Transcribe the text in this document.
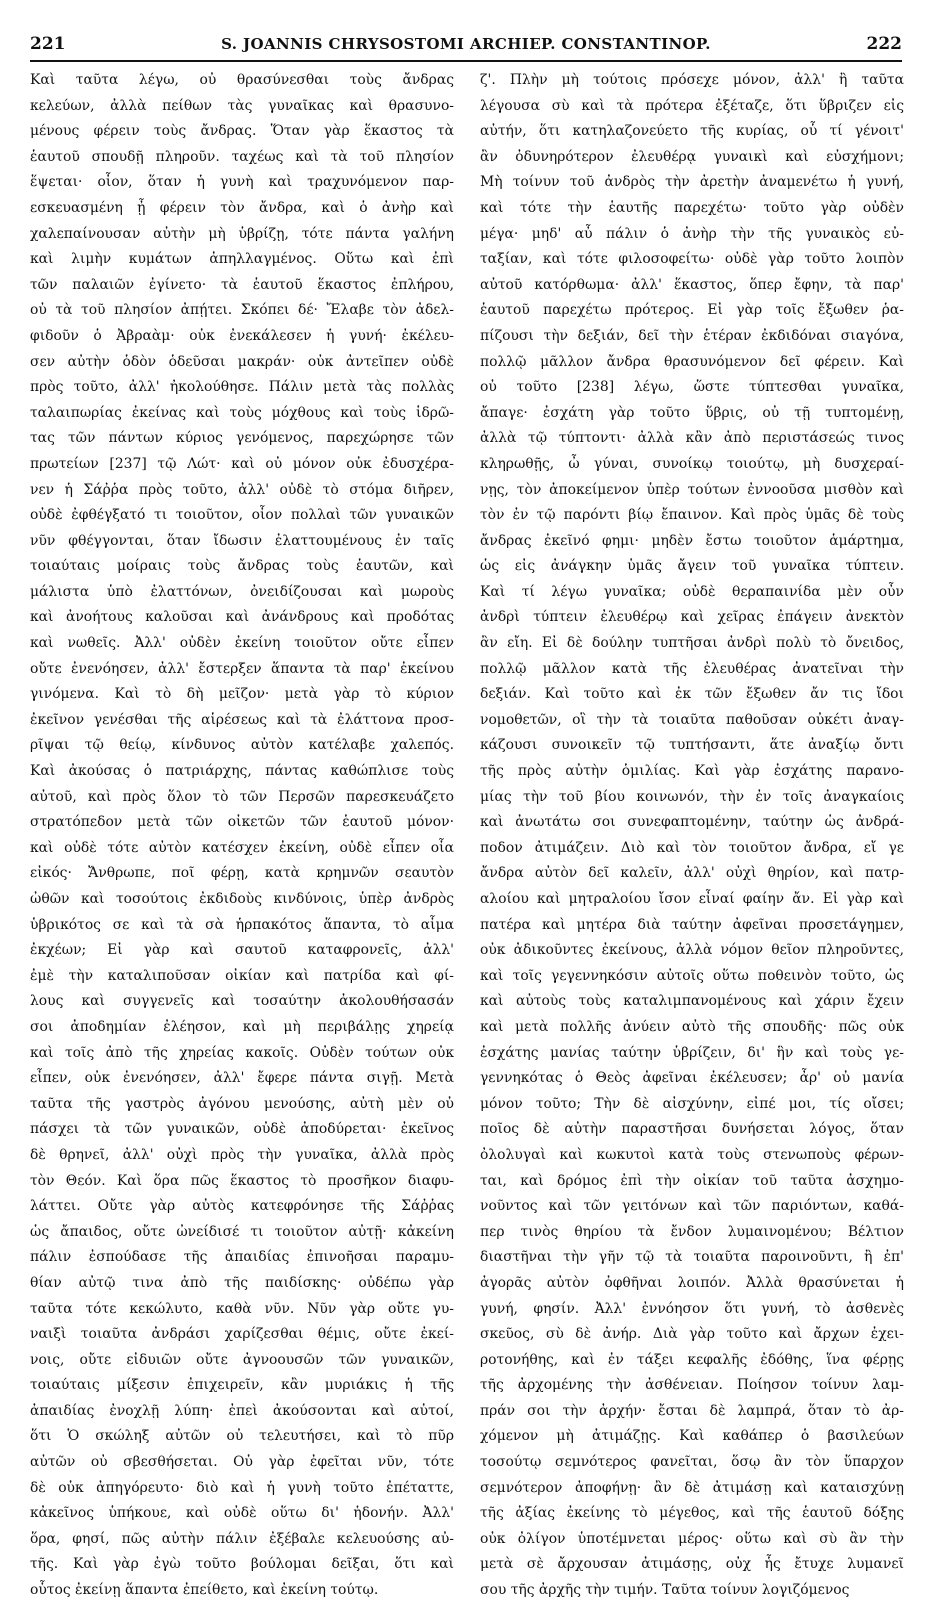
221	S. JOANNIS CHRYSOSTOMI ARCHIEP. CONSTANTINOP.	222
Καὶ ταῦτα λέγω, οὐ θρασύνεσθαι τοὺς ἄνδρας
κελεύων, ἀλλὰ πείθων τὰς γυναῖκας καὶ θρασυνο-
μένους φέρειν τοὺς ἄνδρας. Ὅταν γὰρ ἕκαστος τὰ
ἑαυτοῦ σπουδῇ πληροῦν. ταχέως καὶ τὰ τοῦ πλησίον
ἕψεται· οἷον, ὅταν ἡ γυνὴ καὶ τραχυνόμενον παρ-
εσκευασμένη ᾖ φέρειν τὸν ἄνδρα, καὶ ὁ ἀνὴρ καὶ
χαλεπαίνουσαν αὐτὴν μὴ ὑβρίζῃ, τότε πάντα γαλήνη
καὶ λιμὴν κυμάτων ἀπηλλαγμένος. Οὕτω καὶ ἐπὶ
τῶν παλαιῶν ἐγίνετο· τὰ ἑαυτοῦ ἕκαστος ἐπλήρου,
οὐ τὰ τοῦ πλησίον ἀπῄτει. Σκόπει δέ· Ἔλαβε τὸν ἀδελ-
φιδοῦν ὁ Ἀβραὰμ· οὐκ ἐνεκάλεσεν ἡ γυνή· ἐκέλευ-
σεν αὐτὴν ὁδὸν ὁδεῦσαι μακράν· οὐκ ἀντεῖπεν οὐδὲ
πρὸς τοῦτο, ἀλλ' ἠκολούθησε. Πάλιν μετὰ τὰς πολλὰς
ταλαιπωρίας ἐκείνας καὶ τοὺς μόχθους καὶ τοὺς ἱδρῶ-
τας τῶν πάντων κύριος γενόμενος, παρεχώρησε τῶν
πρωτείων [237] τῷ Λώτ· καὶ οὐ μόνον οὐκ ἐδυσχέρα-
νεν ἡ Σάῤῥα πρὸς τοῦτο, ἀλλ' οὐδὲ τὸ στόμα διῆρεν,
οὐδὲ ἐφθέγξατό τι τοιοῦτον, οἷον πολλαὶ τῶν γυναικῶν
νῦν φθέγγονται, ὅταν ἴδωσιν ἐλαττουμένους ἐν ταῖς
τοιαύταις μοίραις τοὺς ἄνδρας τοὺς ἑαυτῶν, καὶ
μάλιστα ὑπὸ ἐλαττόνων, ὀνειδίζουσαι καὶ μωροὺς
καὶ ἀνοήτους καλοῦσαι καὶ ἀνάνδρους καὶ προδότας
καὶ νωθεῖς. Ἀλλ' οὐδὲν ἐκείνη τοιοῦτον οὔτε εἶπεν
οὔτε ἐνενόησεν, ἀλλ' ἔστερξεν ἅπαντα τὰ παρ' ἐκείνου
γινόμενα. Καὶ τὸ δὴ μεῖζον· μετὰ γὰρ τὸ κύριον
ἐκεῖνον γενέσθαι τῆς αἱρέσεως καὶ τὰ ἐλάττονα προσ-
ρῖψαι τῷ θείῳ, κίνδυνος αὐτὸν κατέλαβε χαλεπός.
Καὶ ἀκούσας ὁ πατριάρχης, πάντας καθώπλισε τοὺς
αὐτοῦ, καὶ πρὸς ὅλον τὸ τῶν Περσῶν παρεσκευάζετο
στρατόπεδον μετὰ τῶν οἰκετῶν τῶν ἑαυτοῦ μόνον·
καὶ οὐδὲ τότε αὐτὸν κατέσχεν ἐκείνη, οὐδὲ εἶπεν οἷα
εἰκός· Ἄνθρωπε, ποῖ φέρῃ, κατὰ κρημνῶν σεαυτὸν
ὠθῶν καὶ τοσούτοις ἐκδιδοὺς κινδύνοις, ὑπὲρ ἀνδρὸς
ὑβρικότος σε καὶ τὰ σὰ ἡρπακότος ἅπαντα, τὸ αἷμα
ἐκχέων; Εἰ γὰρ καὶ σαυτοῦ καταφρονεῖς, ἀλλ'
ἐμὲ τὴν καταλιποῦσαν οἰκίαν καὶ πατρίδα καὶ φί-
λους καὶ συγγενεῖς καὶ τοσαύτην ἀκολουθήσασάν
σοι ἀποδημίαν ἐλέησον, καὶ μὴ περιβάλῃς χηρείᾳ
καὶ τοῖς ἀπὸ τῆς χηρείας κακοῖς. Οὐδὲν τούτων οὐκ
εἶπεν, οὐκ ἐνενόησεν, ἀλλ' ἔφερε πάντα σιγῇ. Μετὰ
ταῦτα τῆς γαστρὸς ἀγόνου μενούσης, αὐτὴ μὲν οὐ
πάσχει τὰ τῶν γυναικῶν, οὐδὲ ἀποδύρεται· ἐκεῖνος
δὲ θρηνεῖ, ἀλλ' οὐχὶ πρὸς τὴν γυναῖκα, ἀλλὰ πρὸς
τὸν Θεόν. Καὶ ὅρα πῶς ἕκαστος τὸ προσῆκον διαφυ-
λάττει. Οὔτε γὰρ αὐτὸς κατεφρόνησε τῆς Σάῤῥας
ὡς ἄπαιδος, οὔτε ὠνείδισέ τι τοιοῦτον αὐτῇ· κἀκείνη
πάλιν ἐσπούδασε τῆς ἀπαιδίας ἐπινοῆσαι παραμυ-
θίαν αὐτῷ τινα ἀπὸ τῆς παιδίσκης· οὐδέπω γὰρ
ταῦτα τότε κεκώλυτο, καθὰ νῦν. Νῦν γὰρ οὔτε γυ-
ναιξὶ τοιαῦτα ἀνδράσι χαρίζεσθαι θέμις, οὔτε ἐκεί-
νοις, οὔτε εἰδυιῶν οὔτε ἀγνοουσῶν τῶν γυναικῶν,
τοιαύταις μίξεσιν ἐπιχειρεῖν, κἂν μυριάκις ἡ τῆς
ἀπαιδίας ἐνοχλῇ λύπη· ἐπεὶ ἀκούσονται καὶ αὐτοί,
ὅτι Ὁ σκώληξ αὐτῶν οὐ τελευτήσει, καὶ τὸ πῦρ
αὐτῶν οὐ σβεσθήσεται. Οὐ γὰρ ἐφεῖται νῦν, τότε
δὲ οὐκ ἀπηγόρευτο· διὸ καὶ ἡ γυνὴ τοῦτο ἐπέταττε,
κἀκεῖνος ὑπήκουε, καὶ οὐδὲ οὕτω δι' ἡδονήν. Ἀλλ'
ὅρα, φησί, πῶς αὐτὴν πάλιν ἐξέβαλε κελευούσης αὐ-
τῆς. Καὶ γὰρ ἐγὼ τοῦτο βούλομαι δεῖξαι, ὅτι καὶ
οὗτος ἐκείνῃ ἅπαντα ἐπείθετο, καὶ ἐκείνη τούτῳ.
ζ'. Πλὴν μὴ τούτοις πρόσεχε μόνον, ἀλλ' ἢ ταῦτα
λέγουσα σὺ καὶ τὰ πρότερα ἐξέταζε, ὅτι ὕβριζεν εἰς
αὐτήν, ὅτι κατηλαζονεύετο τῆς κυρίας, οὗ τί γένοιτ'
ἂν ὀδυνηρότερον ἐλευθέρᾳ γυναικὶ καὶ εὐσχήμονι;
Μὴ τοίνυν τοῦ ἀνδρὸς τὴν ἀρετὴν ἀναμενέτω ἡ γυνή,
καὶ τότε τὴν ἑαυτῆς παρεχέτω· τοῦτο γὰρ οὐδὲν
μέγα· μηδ' αὖ πάλιν ὁ ἀνὴρ τὴν τῆς γυναικὸς εὐ-
ταξίαν, καὶ τότε φιλοσοφείτω· οὐδὲ γὰρ τοῦτο λοιπὸν
αὐτοῦ κατόρθωμα· ἀλλ' ἕκαστος, ὅπερ ἔφην, τὰ παρ'
ἑαυτοῦ παρεχέτω πρότερος. Εἰ γὰρ τοῖς ἔξωθεν ῥα-
πίζουσι τὴν δεξιάν, δεῖ τὴν ἑτέραν ἐκδιδόναι σιαγόνα,
πολλῷ μᾶλλον ἄνδρα θρασυνόμενον δεῖ φέρειν. Καὶ
οὐ τοῦτο [238] λέγω, ὥστε τύπτεσθαι γυναῖκα,
ἄπαγε· ἐσχάτη γὰρ τοῦτο ὕβρις, οὐ τῇ τυπτομένῃ,
ἀλλὰ τῷ τύπτοντι· ἀλλὰ κἂν ἀπὸ περιστάσεώς τινος
κληρωθῇς, ὦ γύναι, συνοίκῳ τοιούτῳ, μὴ δυσχεραί-
νῃς, τὸν ἀποκείμενον ὑπὲρ τούτων ἐννοοῦσα μισθὸν καὶ
τὸν ἐν τῷ παρόντι βίῳ ἔπαινον. Καὶ πρὸς ὑμᾶς δὲ τοὺς
ἄνδρας ἐκεῖνό φημι· μηδὲν ἔστω τοιοῦτον ἁμάρτημα,
ὡς εἰς ἀνάγκην ὑμᾶς ἄγειν τοῦ γυναῖκα τύπτειν.
Καὶ τί λέγω γυναῖκα; οὐδὲ θεραπαινίδα μὲν οὖν
ἀνδρὶ τύπτειν ἐλευθέρῳ καὶ χεῖρας ἐπάγειν ἀνεκτὸν
ἂν εἴη. Εἰ δὲ δούλην τυπτῆσαι ἀνδρὶ πολὺ τὸ ὄνειδος,
πολλῷ μᾶλλον κατὰ τῆς ἐλευθέρας ἀνατεῖναι τὴν
δεξιάν. Καὶ τοῦτο καὶ ἐκ τῶν ἔξωθεν ἄν τις ἴδοι
νομοθετῶν, οἳ τὴν τὰ τοιαῦτα παθοῦσαν οὐκέτι ἀναγ-
κάζουσι συνοικεῖν τῷ τυπτήσαντι, ἅτε ἀναξίῳ ὄντι
τῆς πρὸς αὐτὴν ὁμιλίας. Καὶ γὰρ ἐσχάτης παρανο-
μίας τὴν τοῦ βίου κοινωνόν, τὴν ἐν τοῖς ἀναγκαίοις
καὶ ἀνωτάτω σοι συνεφαπτομένην, ταύτην ὡς ἀνδρά-
ποδον ἀτιμάζειν. Διὸ καὶ τὸν τοιοῦτον ἄνδρα, εἴ γε
ἄνδρα αὐτὸν δεῖ καλεῖν, ἀλλ' οὐχὶ θηρίον, καὶ πατρ-
αλοίου καὶ μητραλοίου ἴσον εἶναί φαίην ἄν. Εἰ γὰρ καὶ
πατέρα καὶ μητέρα διὰ ταύτην ἀφεῖναι προσετάγημεν,
οὐκ ἀδικοῦντες ἐκείνους, ἀλλὰ νόμον θεῖον πληροῦντες,
καὶ τοῖς γεγεννηκόσιν αὐτοῖς οὕτω ποθεινὸν τοῦτο, ὡς
καὶ αὐτοὺς τοὺς καταλιμπανομένους καὶ χάριν ἔχειν
καὶ μετὰ πολλῆς ἀνύειν αὐτὸ τῆς σπουδῆς· πῶς οὐκ
ἐσχάτης μανίας ταύτην ὑβρίζειν, δι' ἣν καὶ τοὺς γε-
γεννηκότας ὁ Θεὸς ἀφεῖναι ἐκέλευσεν; ἆρ' οὐ μανία
μόνον τοῦτο; Τὴν δὲ αἰσχύνην, εἰπέ μοι, τίς οἴσει;
ποῖος δὲ αὐτὴν παραστῆσαι δυνήσεται λόγος, ὅταν
ὀλολυγαὶ καὶ κωκυτοὶ κατὰ τοὺς στενωποὺς φέρων-
ται, καὶ δρόμος ἐπὶ τὴν οἰκίαν τοῦ ταῦτα ἀσχημο-
νοῦντος καὶ τῶν γειτόνων καὶ τῶν παριόντων, καθά-
περ τινὸς θηρίου τὰ ἔνδον λυμαινομένου; Βέλτιον
διαστῆναι τὴν γῆν τῷ τὰ τοιαῦτα παροινοῦντι, ἢ ἐπ'
ἀγορᾶς αὐτὸν ὀφθῆναι λοιπόν. Ἀλλὰ θρασύνεται ἡ
γυνή, φησίν. Ἀλλ' ἐννόησον ὅτι γυνή, τὸ ἀσθενὲς
σκεῦος, σὺ δὲ ἀνήρ. Διὰ γὰρ τοῦτο καὶ ἄρχων ἐχει-
ροτονήθης, καὶ ἐν τάξει κεφαλῆς ἐδόθης, ἵνα φέρῃς
τῆς ἀρχομένης τὴν ἀσθένειαν. Ποίησον τοίνυν λαμ-
πράν σοι τὴν ἀρχήν· ἔσται δὲ λαμπρά, ὅταν τὸ ἀρ-
χόμενον μὴ ἀτιμάζῃς. Καὶ καθάπερ ὁ βασιλεύων
τοσούτῳ σεμνότερος φανεῖται, ὅσῳ ἂν τὸν ὕπαρχον
σεμνότερον ἀποφήνῃ· ἂν δὲ ἀτιμάσῃ καὶ καταισχύνῃ
τῆς ἀξίας ἐκείνης τὸ μέγεθος, καὶ τῆς ἑαυτοῦ δόξης
οὐκ ὀλίγον ὑποτέμνεται μέρος· οὕτω καὶ σὺ ἂν τὴν
μετὰ σὲ ἄρχουσαν ἀτιμάσῃς, οὐχ ἧς ἔτυχε λυμανεῖ
σου τῆς ἀρχῆς τὴν τιμήν. Ταῦτα τοίνυν λογιζόμενος
